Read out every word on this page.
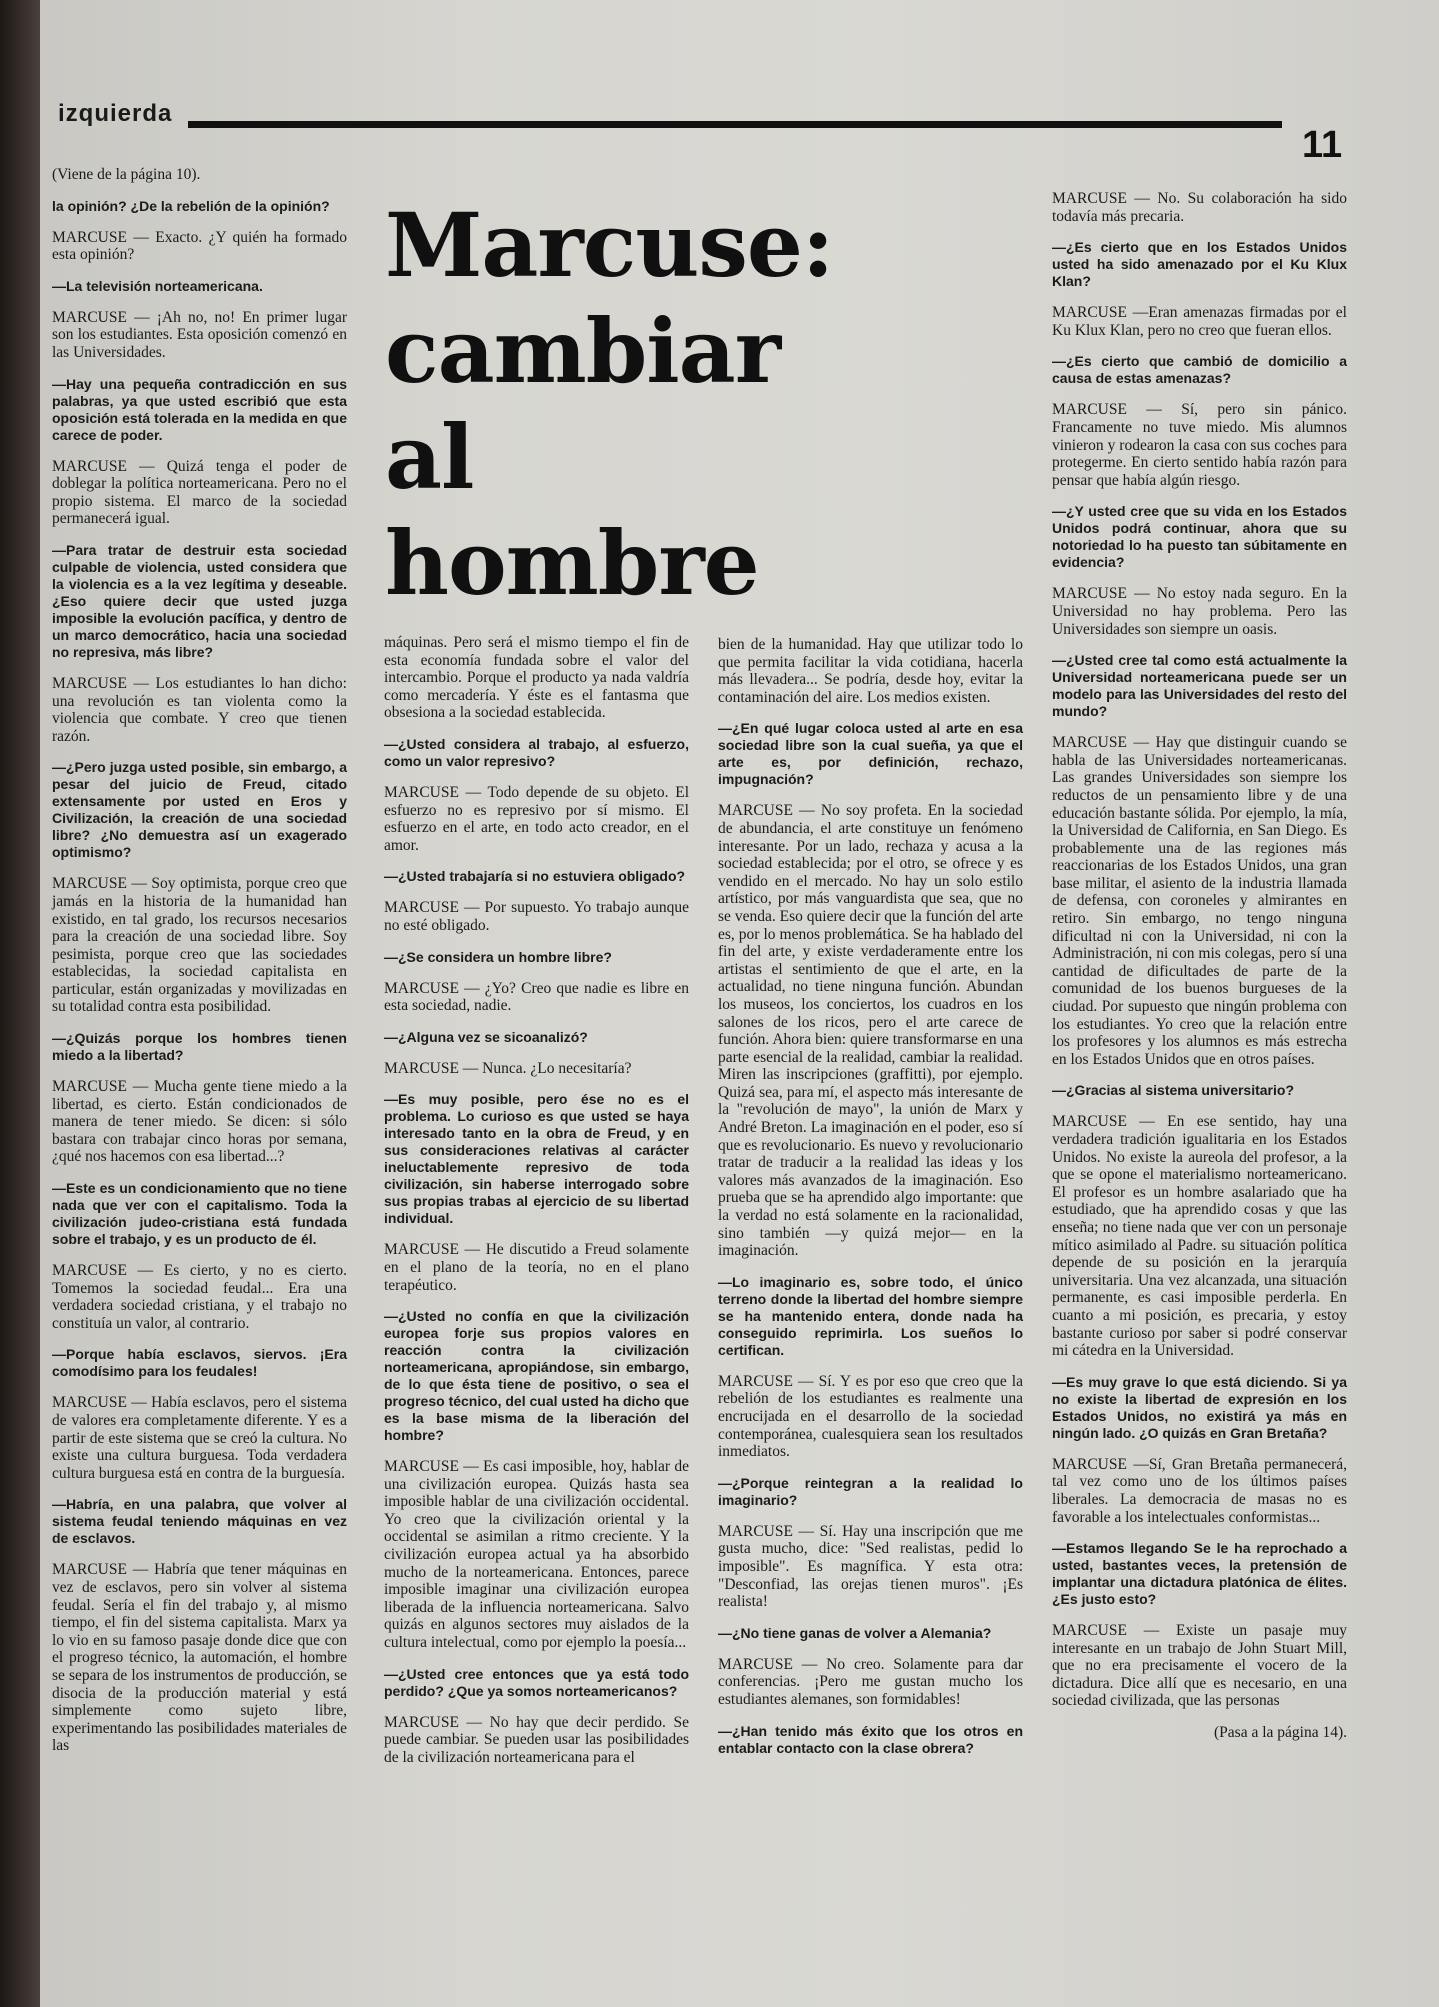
izquierda
11
Marcuse:
cambiar
al
hombre

(Viene de la página 10).

la opinión? ¿De la rebelión de la opinión?

MARCUSE — Exacto. ¿Y quién ha formado esta opinión?

—La televisión norteamericana.

MARCUSE — ¡Ah no, no! En primer lugar son los estudiantes. Esta oposición comenzó en las Universidades.

—Hay una pequeña contradicción en sus palabras, ya que usted escribió que esta oposición está tolerada en la medida en que carece de poder.

MARCUSE — Quizá tenga el poder de doblegar la política norteamericana. Pero no el propio sistema. El marco de la sociedad permanecerá igual.

—Para tratar de destruir esta sociedad culpable de violencia, usted considera que la violencia es a la vez legítima y deseable. ¿Eso quiere decir que usted juzga imposible la evolución pacífica, y dentro de un marco democrático, hacia una sociedad no represiva, más libre?

MARCUSE — Los estudiantes lo han dicho: una revolución es tan violenta como la violencia que combate. Y creo que tienen razón.

—¿Pero juzga usted posible, sin embargo, a pesar del juicio de Freud, citado extensamente por usted en Eros y Civilización, la creación de una sociedad libre? ¿No demuestra así un exagerado optimismo?

MARCUSE — Soy optimista, porque creo que jamás en la historia de la humanidad han existido, en tal grado, los recursos necesarios para la creación de una sociedad libre. Soy pesimista, porque creo que las sociedades establecidas, la sociedad capitalista en particular, están organizadas y movilizadas en su totalidad contra esta posibilidad.

—¿Quizás porque los hombres tienen miedo a la libertad?

MARCUSE — Mucha gente tiene miedo a la libertad, es cierto. Están condicionados de manera de tener miedo. Se dicen: si sólo bastara con trabajar cinco horas por semana, ¿qué nos hacemos con esa libertad...?

—Este es un condicionamiento que no tiene nada que ver con el capitalismo. Toda la civilización judeo-cristiana está fundada sobre el trabajo, y es un producto de él.

MARCUSE — Es cierto, y no es cierto. Tomemos la sociedad feudal... Era una verdadera sociedad cristiana, y el trabajo no constituía un valor, al contrario.

—Porque había esclavos, siervos. ¡Era comodísimo para los feudales!

MARCUSE — Había esclavos, pero el sistema de valores era completamente diferente. Y es a partir de este sistema que se creó la cultura. No existe una cultura burguesa. Toda verdadera cultura burguesa está en contra de la burguesía.

—Habría, en una palabra, que volver al sistema feudal teniendo máquinas en vez de esclavos.

MARCUSE — Habría que tener máquinas en vez de esclavos, pero sin volver al sistema feudal. Sería el fin del trabajo y, al mismo tiempo, el fin del sistema capitalista. Marx ya lo vio en su famoso pasaje donde dice que con el progreso técnico, la automación, el hombre se separa de los instrumentos de producción, se disocia de la producción material y está simplemente como sujeto libre, experimentando las posibilidades materiales de las

máquinas. Pero será el mismo tiempo el fin de esta economía fundada sobre el valor del intercambio. Porque el producto ya nada valdría como mercadería. Y éste es el fantasma que obsesiona a la sociedad establecida.

—¿Usted considera al trabajo, al esfuerzo, como un valor represivo?

MARCUSE — Todo depende de su objeto. El esfuerzo no es represivo por sí mismo. El esfuerzo en el arte, en todo acto creador, en el amor.

—¿Usted trabajaría si no estuviera obligado?

MARCUSE — Por supuesto. Yo trabajo aunque no esté obligado.

—¿Se considera un hombre libre?

MARCUSE — ¿Yo? Creo que nadie es libre en esta sociedad, nadie.

—¿Alguna vez se sicoanalizó?

MARCUSE — Nunca. ¿Lo necesitaría?

—Es muy posible, pero ése no es el problema. Lo curioso es que usted se haya interesado tanto en la obra de Freud, y en sus consideraciones relativas al carácter ineluctablemente represivo de toda civilización, sin haberse interrogado sobre sus propias trabas al ejercicio de su libertad individual.

MARCUSE — He discutido a Freud solamente en el plano de la teoría, no en el plano terapéutico.

—¿Usted no confía en que la civilización europea forje sus propios valores en reacción contra la civilización norteamericana, apropiándose, sin embargo, de lo que ésta tiene de positivo, o sea el progreso técnico, del cual usted ha dicho que es la base misma de la liberación del hombre?

MARCUSE — Es casi imposible, hoy, hablar de una civilización europea. Quizás hasta sea imposible hablar de una civilización occidental. Yo creo que la civilización oriental y la occidental se asimilan a ritmo creciente. Y la civilización europea actual ya ha absorbido mucho de la norteamericana. Entonces, parece imposible imaginar una civilización europea liberada de la influencia norteamericana. Salvo quizás en algunos sectores muy aislados de la cultura intelectual, como por ejemplo la poesía...

—¿Usted cree entonces que ya está todo perdido? ¿Que ya somos norteamericanos?

MARCUSE — No hay que decir perdido. Se puede cambiar. Se pueden usar las posibilidades de la civilización norteamericana para el

bien de la humanidad. Hay que utilizar todo lo que permita facilitar la vida cotidiana, hacerla más llevadera... Se podría, desde hoy, evitar la contaminación del aire. Los medios existen.

—¿En qué lugar coloca usted al arte en esa sociedad libre son la cual sueña, ya que el arte es, por definición, rechazo, impugnación?

MARCUSE — No soy profeta. En la sociedad de abundancia, el arte constituye un fenómeno interesante. Por un lado, rechaza y acusa a la sociedad establecida; por el otro, se ofrece y es vendido en el mercado. No hay un solo estilo artístico, por más vanguardista que sea, que no se venda. Eso quiere decir que la función del arte es, por lo menos problemática. Se ha hablado del fin del arte, y existe verdaderamente entre los artistas el sentimiento de que el arte, en la actualidad, no tiene ninguna función. Abundan los museos, los conciertos, los cuadros en los salones de los ricos, pero el arte carece de función. Ahora bien: quiere transformarse en una parte esencial de la realidad, cambiar la realidad. Miren las inscripciones (graffitti), por ejemplo. Quizá sea, para mí, el aspecto más interesante de la "revolución de mayo", la unión de Marx y André Breton. La imaginación en el poder, eso sí que es revolucionario. Es nuevo y revolucionario tratar de traducir a la realidad las ideas y los valores más avanzados de la imaginación. Eso prueba que se ha aprendido algo importante: que la verdad no está solamente en la racionalidad, sino también —y quizá mejor— en la imaginación.

—Lo imaginario es, sobre todo, el único terreno donde la libertad del hombre siempre se ha mantenido entera, donde nada ha conseguido reprimirla. Los sueños lo certifican.

MARCUSE — Sí. Y es por eso que creo que la rebelión de los estudiantes es realmente una encrucijada en el desarrollo de la sociedad contemporánea, cualesquiera sean los resultados inmediatos.

—¿Porque reintegran a la realidad lo imaginario?

MARCUSE — Sí. Hay una inscripción que me gusta mucho, dice: "Sed realistas, pedid lo imposible". Es magnífica. Y esta otra: "Desconfiad, las orejas tienen muros". ¡Es realista!

—¿No tiene ganas de volver a Alemania?

MARCUSE — No creo. Solamente para dar conferencias. ¡Pero me gustan mucho los estudiantes alemanes, son formidables!

—¿Han tenido más éxito que los otros en entablar contacto con la clase obrera?

MARCUSE — No. Su colaboración ha sido todavía más precaria.

—¿Es cierto que en los Estados Unidos usted ha sido amenazado por el Ku Klux Klan?

MARCUSE —Eran amenazas firmadas por el Ku Klux Klan, pero no creo que fueran ellos.

—¿Es cierto que cambió de domicilio a causa de estas amenazas?

MARCUSE — Sí, pero sin pánico. Francamente no tuve miedo. Mis alumnos vinieron y rodearon la casa con sus coches para protegerme. En cierto sentido había razón para pensar que había algún riesgo.

—¿Y usted cree que su vida en los Estados Unidos podrá continuar, ahora que su notoriedad lo ha puesto tan súbitamente en evidencia?

MARCUSE — No estoy nada seguro. En la Universidad no hay problema. Pero las Universidades son siempre un oasis.

—¿Usted cree tal como está actualmente la Universidad norteamericana puede ser un modelo para las Universidades del resto del mundo?

MARCUSE — Hay que distinguir cuando se habla de las Universidades norteamericanas. Las grandes Universidades son siempre los reductos de un pensamiento libre y de una educación bastante sólida. Por ejemplo, la mía, la Universidad de California, en San Diego. Es probablemente una de las regiones más reaccionarias de los Estados Unidos, una gran base militar, el asiento de la industria llamada de defensa, con coroneles y almirantes en retiro. Sin embargo, no tengo ninguna dificultad ni con la Universidad, ni con la Administración, ni con mis colegas, pero sí una cantidad de dificultades de parte de la comunidad de los buenos burgueses de la ciudad. Por supuesto que ningún problema con los estudiantes. Yo creo que la relación entre los profesores y los alumnos es más estrecha en los Estados Unidos que en otros países.

—¿Gracias al sistema universitario?

MARCUSE — En ese sentido, hay una verdadera tradición igualitaria en los Estados Unidos. No existe la aureola del profesor, a la que se opone el materialismo norteamericano. El profesor es un hombre asalariado que ha estudiado, que ha aprendido cosas y que las enseña; no tiene nada que ver con un personaje mítico asimilado al Padre. su situación política depende de su posición en la jerarquía universitaria. Una vez alcanzada, una situación permanente, es casi imposible perderla. En cuanto a mi posición, es precaria, y estoy bastante curioso por saber si podré conservar mi cátedra en la Universidad.

—Es muy grave lo que está diciendo. Si ya no existe la libertad de expresión en los Estados Unidos, no existirá ya más en ningún lado. ¿O quizás en Gran Bretaña?

MARCUSE —Sí, Gran Bretaña permanecerá, tal vez como uno de los últimos países liberales. La democracia de masas no es favorable a los intelectuales conformistas...

—Estamos llegando Se le ha reprochado a usted, bastantes veces, la pretensión de implantar una dictadura platónica de élites. ¿Es justo esto?

MARCUSE — Existe un pasaje muy interesante en un trabajo de John Stuart Mill, que no era precisamente el vocero de la dictadura. Dice allí que es necesario, en una sociedad civilizada, que las personas

(Pasa a la página 14).
